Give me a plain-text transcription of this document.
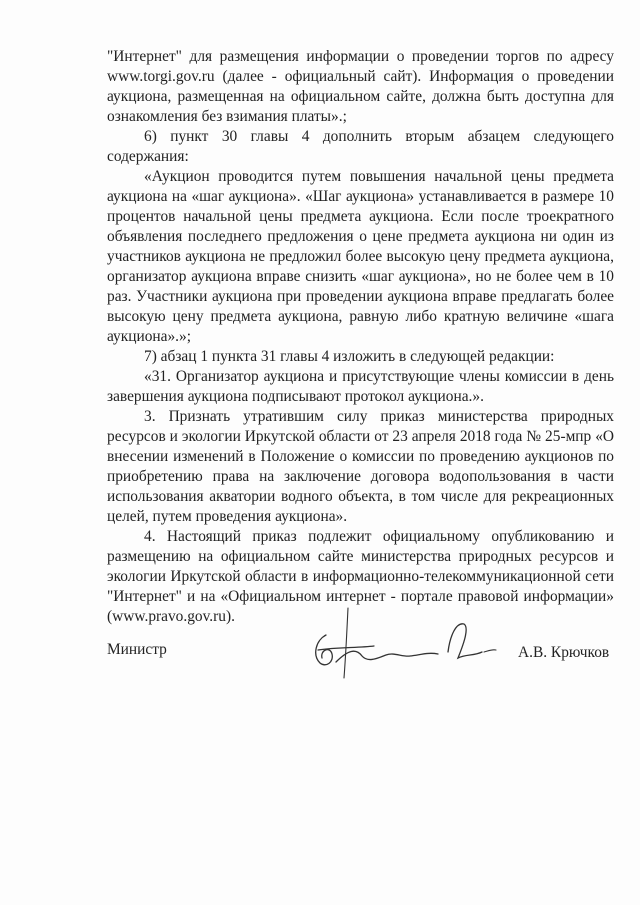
"Интернет" для размещения информации о проведении торгов по адресу
www.torgi.gov.ru (далее - официальный сайт). Информация о проведении
аукциона, размещенная на официальном сайте, должна быть доступна для
ознакомления без взимания платы».;
6) пункт 30 главы 4 дополнить вторым абзацем следующего
содержания:
«Аукцион проводится путем повышения начальной цены предмета
аукциона на «шаг аукциона». «Шаг аукциона» устанавливается в размере 10
процентов начальной цены предмета аукциона. Если после троекратного
объявления последнего предложения о цене предмета аукциона ни один из
участников аукциона не предложил более высокую цену предмета аукциона,
организатор аукциона вправе снизить «шаг аукциона», но не более чем в 10
раз. Участники аукциона при проведении аукциона вправе предлагать более
высокую цену предмета аукциона, равную либо кратную величине «шага
аукциона».»;
7) абзац 1 пункта 31 главы 4 изложить в следующей редакции:
«31. Организатор аукциона и присутствующие члены комиссии в день
завершения аукциона подписывают протокол аукциона.».
3. Признать утратившим силу приказ министерства природных
ресурсов и экологии Иркутской области от 23 апреля 2018 года № 25-мпр «О
внесении изменений в Положение о комиссии по проведению аукционов по
приобретению права на заключение договора водопользования в части
использования акватории водного объекта, в том числе для рекреационных
целей, путем проведения аукциона».
4. Настоящий приказ подлежит официальному опубликованию и
размещению на официальном сайте министерства природных ресурсов и
экологии Иркутской области в информационно-телекоммуникационной сети
"Интернет" и на «Официальном интернет - портале правовой информации»
(www.pravo.gov.ru).
Министр	А.В. Крючков
